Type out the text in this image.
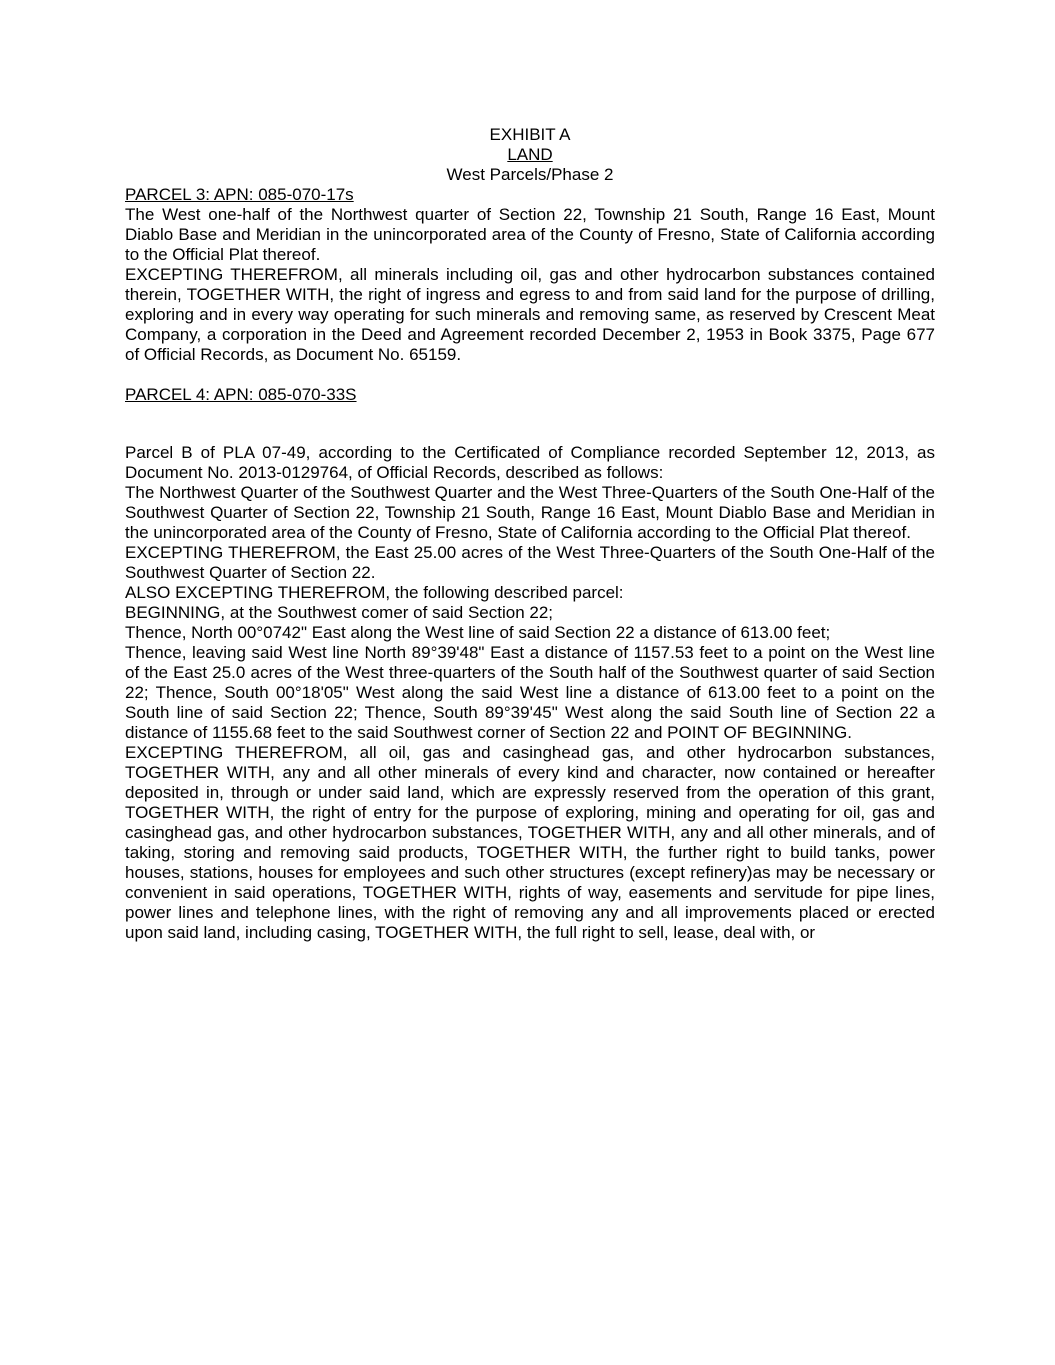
EXHIBIT A

LAND

West Parcels/Phase 2

PARCEL 3: APN: 085-070-17s

The West one-half of the Northwest quarter of Section 22, Township 21 South, Range 16 East, Mount Diablo Base and Meridian in the unincorporated area of the County of Fresno, State of California according to the Official Plat thereof.

EXCEPTING THEREFROM, all minerals including oil, gas and other hydrocarbon substances contained therein, TOGETHER WITH, the right of ingress and egress to and from said land for the purpose of drilling, exploring and in every way operating for such minerals and removing same, as reserved by Crescent Meat Company, a corporation in the Deed and Agreement recorded December 2, 1953 in Book 3375, Page 677 of Official Records, as Document No. 65159.

PARCEL 4: APN: 085-070-33S

Parcel B of PLA 07-49, according to the Certificated of Compliance recorded September 12, 2013, as Document No. 2013-0129764, of Official Records, described as follows:

The Northwest Quarter of the Southwest Quarter and the West Three-Quarters of the South One-Half of the Southwest Quarter of Section 22, Township 21 South, Range 16 East, Mount Diablo Base and Meridian in the unincorporated area of the County of Fresno, State of California according to the Official Plat thereof.

EXCEPTING THEREFROM, the East 25.00 acres of the West Three-Quarters of the South One-Half of the Southwest Quarter of Section 22.

ALSO EXCEPTING THEREFROM, the following described parcel:

BEGINNING, at the Southwest comer of said Section 22;
Thence, North 00°0742" East along the West line of said Section 22 a distance of 613.00 feet;
Thence, leaving said West line North 89°39'48" East a distance of 1157.53 feet to a point on the West line of the East 25.0 acres of the West three-quarters of the South half of the Southwest quarter of said Section 22; Thence, South 00°18'05" West along the said West line a distance of 613.00 feet to a point on the South line of said Section 22; Thence, South 89°39'45" West along the said South line of Section 22 a distance of 1155.68 feet to the said Southwest corner of Section 22 and POINT OF BEGINNING.

EXCEPTING THEREFROM, all oil, gas and casinghead gas, and other hydrocarbon substances, TOGETHER WITH, any and all other minerals of every kind and character, now contained or hereafter deposited in, through or under said land, which are expressly reserved from the operation of this grant, TOGETHER WITH, the right of entry for the purpose of exploring, mining and operating for oil, gas and casinghead gas, and other hydrocarbon substances, TOGETHER WITH, any and all other minerals, and of taking, storing and removing said products, TOGETHER WITH, the further right to build tanks, power houses, stations, houses for employees and such other structures (except refinery)as may be necessary or convenient in said operations, TOGETHER WITH, rights of way, easements and servitude for pipe lines, power lines and telephone lines, with the right of removing any and all improvements placed or erected upon said land, including casing, TOGETHER WITH, the full right to sell, lease, deal with, or
